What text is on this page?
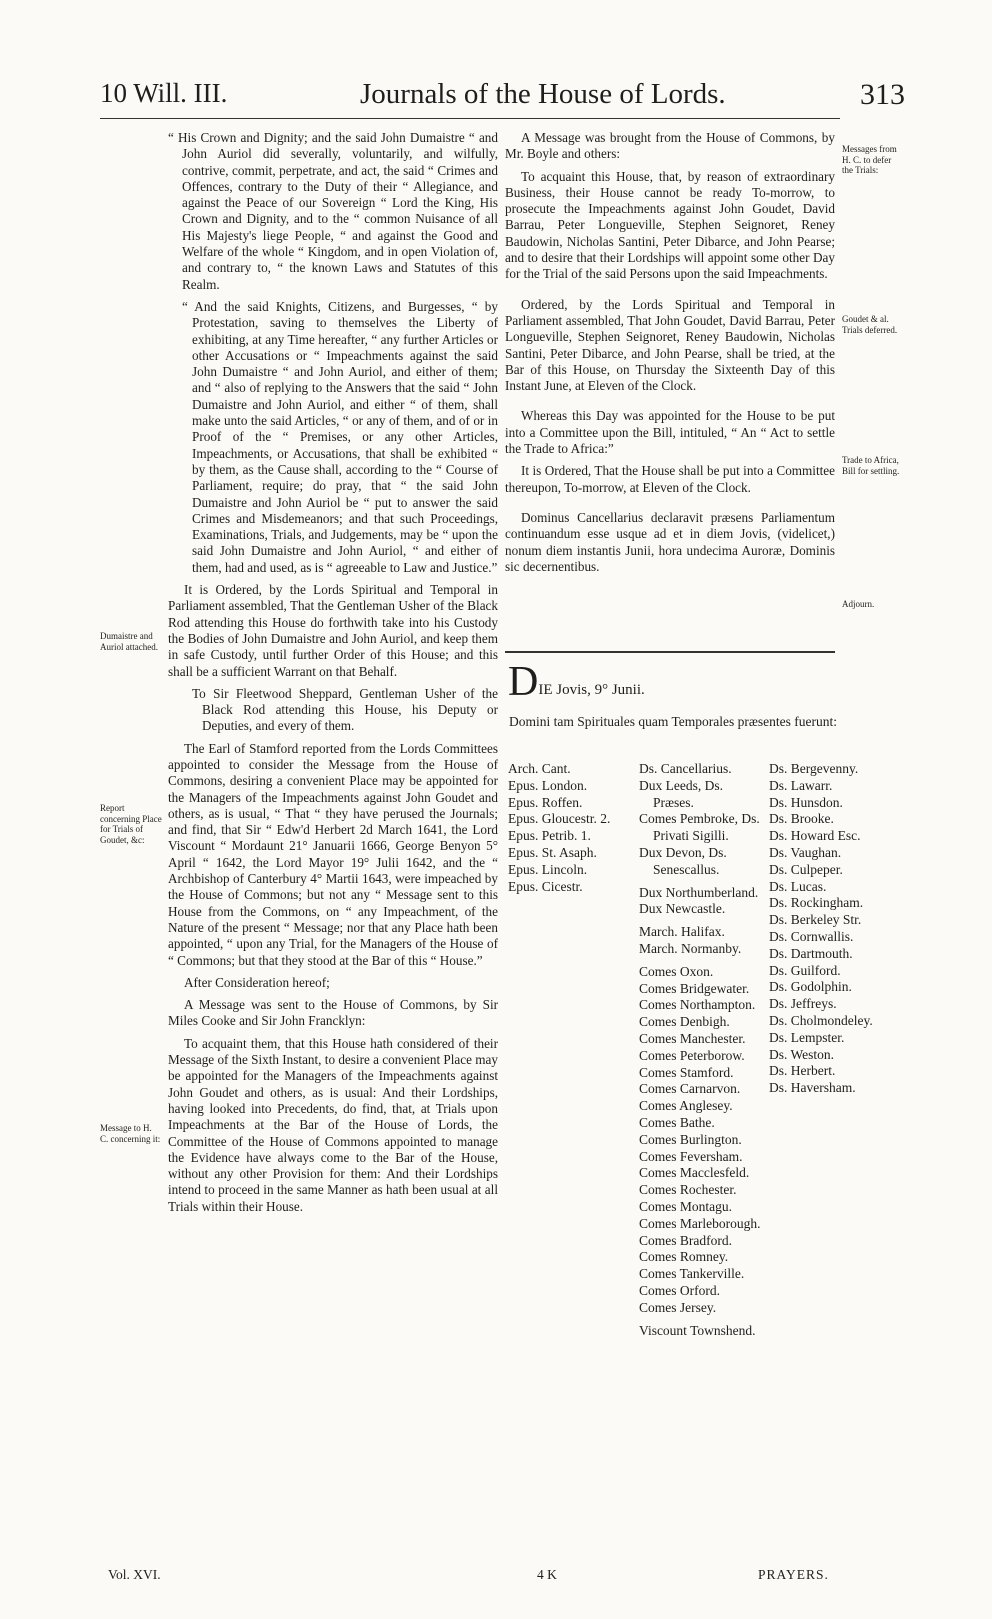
10 Will. III.	Journals of the House of Lords.	313
Dumaistre and Auriol attached.
Report concerning Place for Trials of Goudet, &c:
Message to H. C. concerning it:

“ His Crown and Dignity; and the said John Dumaistre “ and John Auriol did severally, voluntarily, and wilfully, contrive, commit, perpetrate, and act, the said “ Crimes and Offences, contrary to the Duty of their “ Allegiance, and against the Peace of our Sovereign “ Lord the King, His Crown and Dignity, and to the “ common Nuisance of all His Majesty's liege People, “ and against the Good and Welfare of the whole “ Kingdom, and in open Violation of, and contrary to, “ the known Laws and Statutes of this Realm.

“ And the said Knights, Citizens, and Burgesses, “ by Protestation, saving to themselves the Liberty of exhibiting, at any Time hereafter, “ any further Articles or other Accusations or “ Impeachments against the said John Dumaistre “ and John Auriol, and either of them; and “ also of replying to the Answers that the said “ John Dumaistre and John Auriol, and either “ of them, shall make unto the said Articles, “ or any of them, and of or in Proof of the “ Premises, or any other Articles, Impeachments, or Accusations, that shall be exhibited “ by them, as the Cause shall, according to the “ Course of Parliament, require; do pray, that “ the said John Dumaistre and John Auriol be “ put to answer the said Crimes and Misdemeanors; and that such Proceedings, Examinations, Trials, and Judgements, may be “ upon the said John Dumaistre and John Auriol, “ and either of them, had and used, as is “ agreeable to Law and Justice.”

It is Ordered, by the Lords Spiritual and Temporal in Parliament assembled, That the Gentleman Usher of the Black Rod attending this House do forthwith take into his Custody the Bodies of John Dumaistre and John Auriol, and keep them in safe Custody, until further Order of this House; and this shall be a sufficient Warrant on that Behalf.

To Sir Fleetwood Sheppard, Gentleman Usher of the Black Rod attending this House, his Deputy or Deputies, and every of them.

The Earl of Stamford reported from the Lords Committees appointed to consider the Message from the House of Commons, desiring a convenient Place may be appointed for the Managers of the Impeachments against John Goudet and others, as is usual, “ That “ they have perused the Journals; and find, that Sir “ Edw'd Herbert 2d March 1641, the Lord Viscount “ Mordaunt 21° Januarii 1666, George Benyon 5° April “ 1642, the Lord Mayor 19° Julii 1642, and the “ Archbishop of Canterbury 4° Martii 1643, were impeached by the House of Commons; but not any “ Message sent to this House from the Commons, on “ any Impeachment, of the Nature of the present “ Message; nor that any Place hath been appointed, “ upon any Trial, for the Managers of the House of “ Commons; but that they stood at the Bar of this “ House.”

After Consideration hereof;

A Message was sent to the House of Commons, by Sir Miles Cooke and Sir John Francklyn:

To acquaint them, that this House hath considered of their Message of the Sixth Instant, to desire a convenient Place may be appointed for the Managers of the Impeachments against John Goudet and others, as is usual: And their Lordships, having looked into Precedents, do find, that, at Trials upon Impeachments at the Bar of the House of Lords, the Committee of the House of Commons appointed to manage the Evidence have always come to the Bar of the House, without any other Provision for them: And their Lordships intend to proceed in the same Manner as hath been usual at all Trials within their House.

Messages from H. C. to defer the Trials:
Goudet & al. Trials deferred.
Trade to Africa, Bill for settling.
Adjourn.

A Message was brought from the House of Commons, by Mr. Boyle and others:

To acquaint this House, that, by reason of extraordinary Business, their House cannot be ready To-morrow, to prosecute the Impeachments against John Goudet, David Barrau, Peter Longueville, Stephen Seignoret, Reney Baudowin, Nicholas Santini, Peter Dibarce, and John Pearse; and to desire that their Lordships will appoint some other Day for the Trial of the said Persons upon the said Impeachments.

Ordered, by the Lords Spiritual and Temporal in Parliament assembled, That John Goudet, David Barrau, Peter Longueville, Stephen Seignoret, Reney Baudowin, Nicholas Santini, Peter Dibarce, and John Pearse, shall be tried, at the Bar of this House, on Thursday the Sixteenth Day of this Instant June, at Eleven of the Clock.

Whereas this Day was appointed for the House to be put into a Committee upon the Bill, intituled, “ An “ Act to settle the Trade to Africa:”

It is Ordered, That the House shall be put into a Committee thereupon, To-morrow, at Eleven of the Clock.

Dominus Cancellarius declaravit præsens Parliamentum continuandum esse usque ad et in diem Jovis, (videlicet,) nonum diem instantis Junii, hora undecima Auroræ, Dominis sic decernentibus.

DIE Jovis, 9° Junii.
Domini tam Spirituales quam Temporales præsentes fuerunt:
Arch. Cant.
Epus. London.
Epus. Roffen.
Epus. Gloucestr. 2.
Epus. Petrib. 1.
Epus. St. Asaph.
Epus. Lincoln.
Epus. Cicestr.
Ds. Cancellarius.
Dux Leeds, Ds.
Præses.
Comes Pembroke, Ds.
Privati Sigilli.
Dux Devon, Ds.
Senescallus.
Dux Northumberland.
Dux Newcastle.
March. Halifax.
March. Normanby.
Comes Oxon.
Comes Bridgewater.
Comes Northampton.
Comes Denbigh.
Comes Manchester.
Comes Peterborow.
Comes Stamford.
Comes Carnarvon.
Comes Anglesey.
Comes Bathe.
Comes Burlington.
Comes Feversham.
Comes Macclesfeld.
Comes Rochester.
Comes Montagu.
Comes Marleborough.
Comes Bradford.
Comes Romney.
Comes Tankerville.
Comes Orford.
Comes Jersey.
Viscount Townshend.
Ds. Bergevenny.
Ds. Lawarr.
Ds. Hunsdon.
Ds. Brooke.
Ds. Howard Esc.
Ds. Vaughan.
Ds. Culpeper.
Ds. Lucas.
Ds. Rockingham.
Ds. Berkeley Str.
Ds. Cornwallis.
Ds. Dartmouth.
Ds. Guilford.
Ds. Godolphin.
Ds. Jeffreys.
Ds. Cholmondeley.
Ds. Lempster.
Ds. Weston.
Ds. Herbert.
Ds. Haversham.
Vol. XVI.	4 K	PRAYERS.
